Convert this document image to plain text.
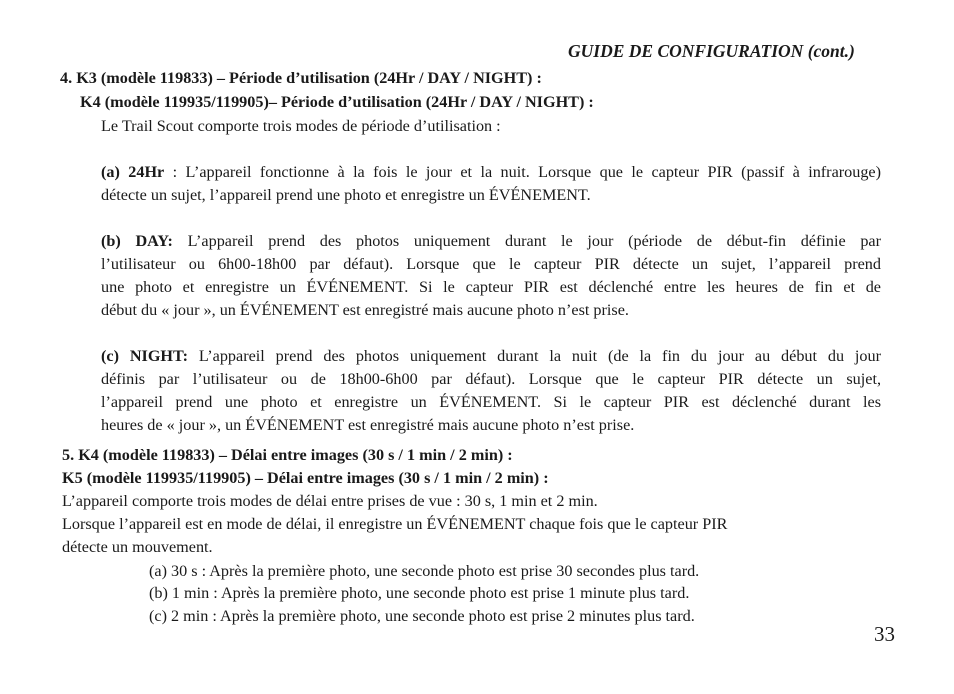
GUIDE DE CONFIGURATION (cont.)
4. K3 (modèle 119833) – Période d’utilisation (24Hr / DAY / NIGHT) :
K4 (modèle 119935/119905)– Période d’utilisation (24Hr / DAY / NIGHT) :
Le Trail Scout comporte trois modes de période d’utilisation :
(a) 24Hr : L’appareil fonctionne à la fois le jour et la nuit. Lorsque que le capteur PIR (passif à infrarouge)
détecte un sujet, l’appareil prend une photo et enregistre un ÉVÉNEMENT.
(b) DAY: L’appareil prend des photos uniquement durant le jour (période de début-fin définie par
l’utilisateur ou 6h00-18h00 par défaut). Lorsque que le capteur PIR détecte un sujet, l’appareil prend
une photo et enregistre un ÉVÉNEMENT. Si le capteur PIR est déclenché entre les heures de fin et de
début du « jour », un ÉVÉNEMENT est enregistré mais aucune photo n’est prise.
(c) NIGHT: L’appareil prend des photos uniquement durant la nuit (de la fin du jour au début du jour
définis par l’utilisateur ou de 18h00-6h00 par défaut). Lorsque que le capteur PIR détecte un sujet,
l’appareil prend une photo et enregistre un ÉVÉNEMENT. Si le capteur PIR est déclenché durant les
heures de « jour », un ÉVÉNEMENT est enregistré mais aucune photo n’est prise.
5. K4 (modèle 119833) – Délai entre images (30 s / 1 min / 2 min) :
K5 (modèle 119935/119905) – Délai entre images (30 s / 1 min / 2 min) :
L’appareil comporte trois modes de délai entre prises de vue : 30 s, 1 min et 2 min.
Lorsque l’appareil est en mode de délai, il enregistre un ÉVÉNEMENT chaque fois que le capteur PIR
détecte un mouvement.
(a) 30 s : Après la première photo, une seconde photo est prise 30 secondes plus tard.
(b) 1 min : Après la première photo, une seconde photo est prise 1 minute plus tard.
(c) 2 min : Après la première photo, une seconde photo est prise 2 minutes plus tard.
33
